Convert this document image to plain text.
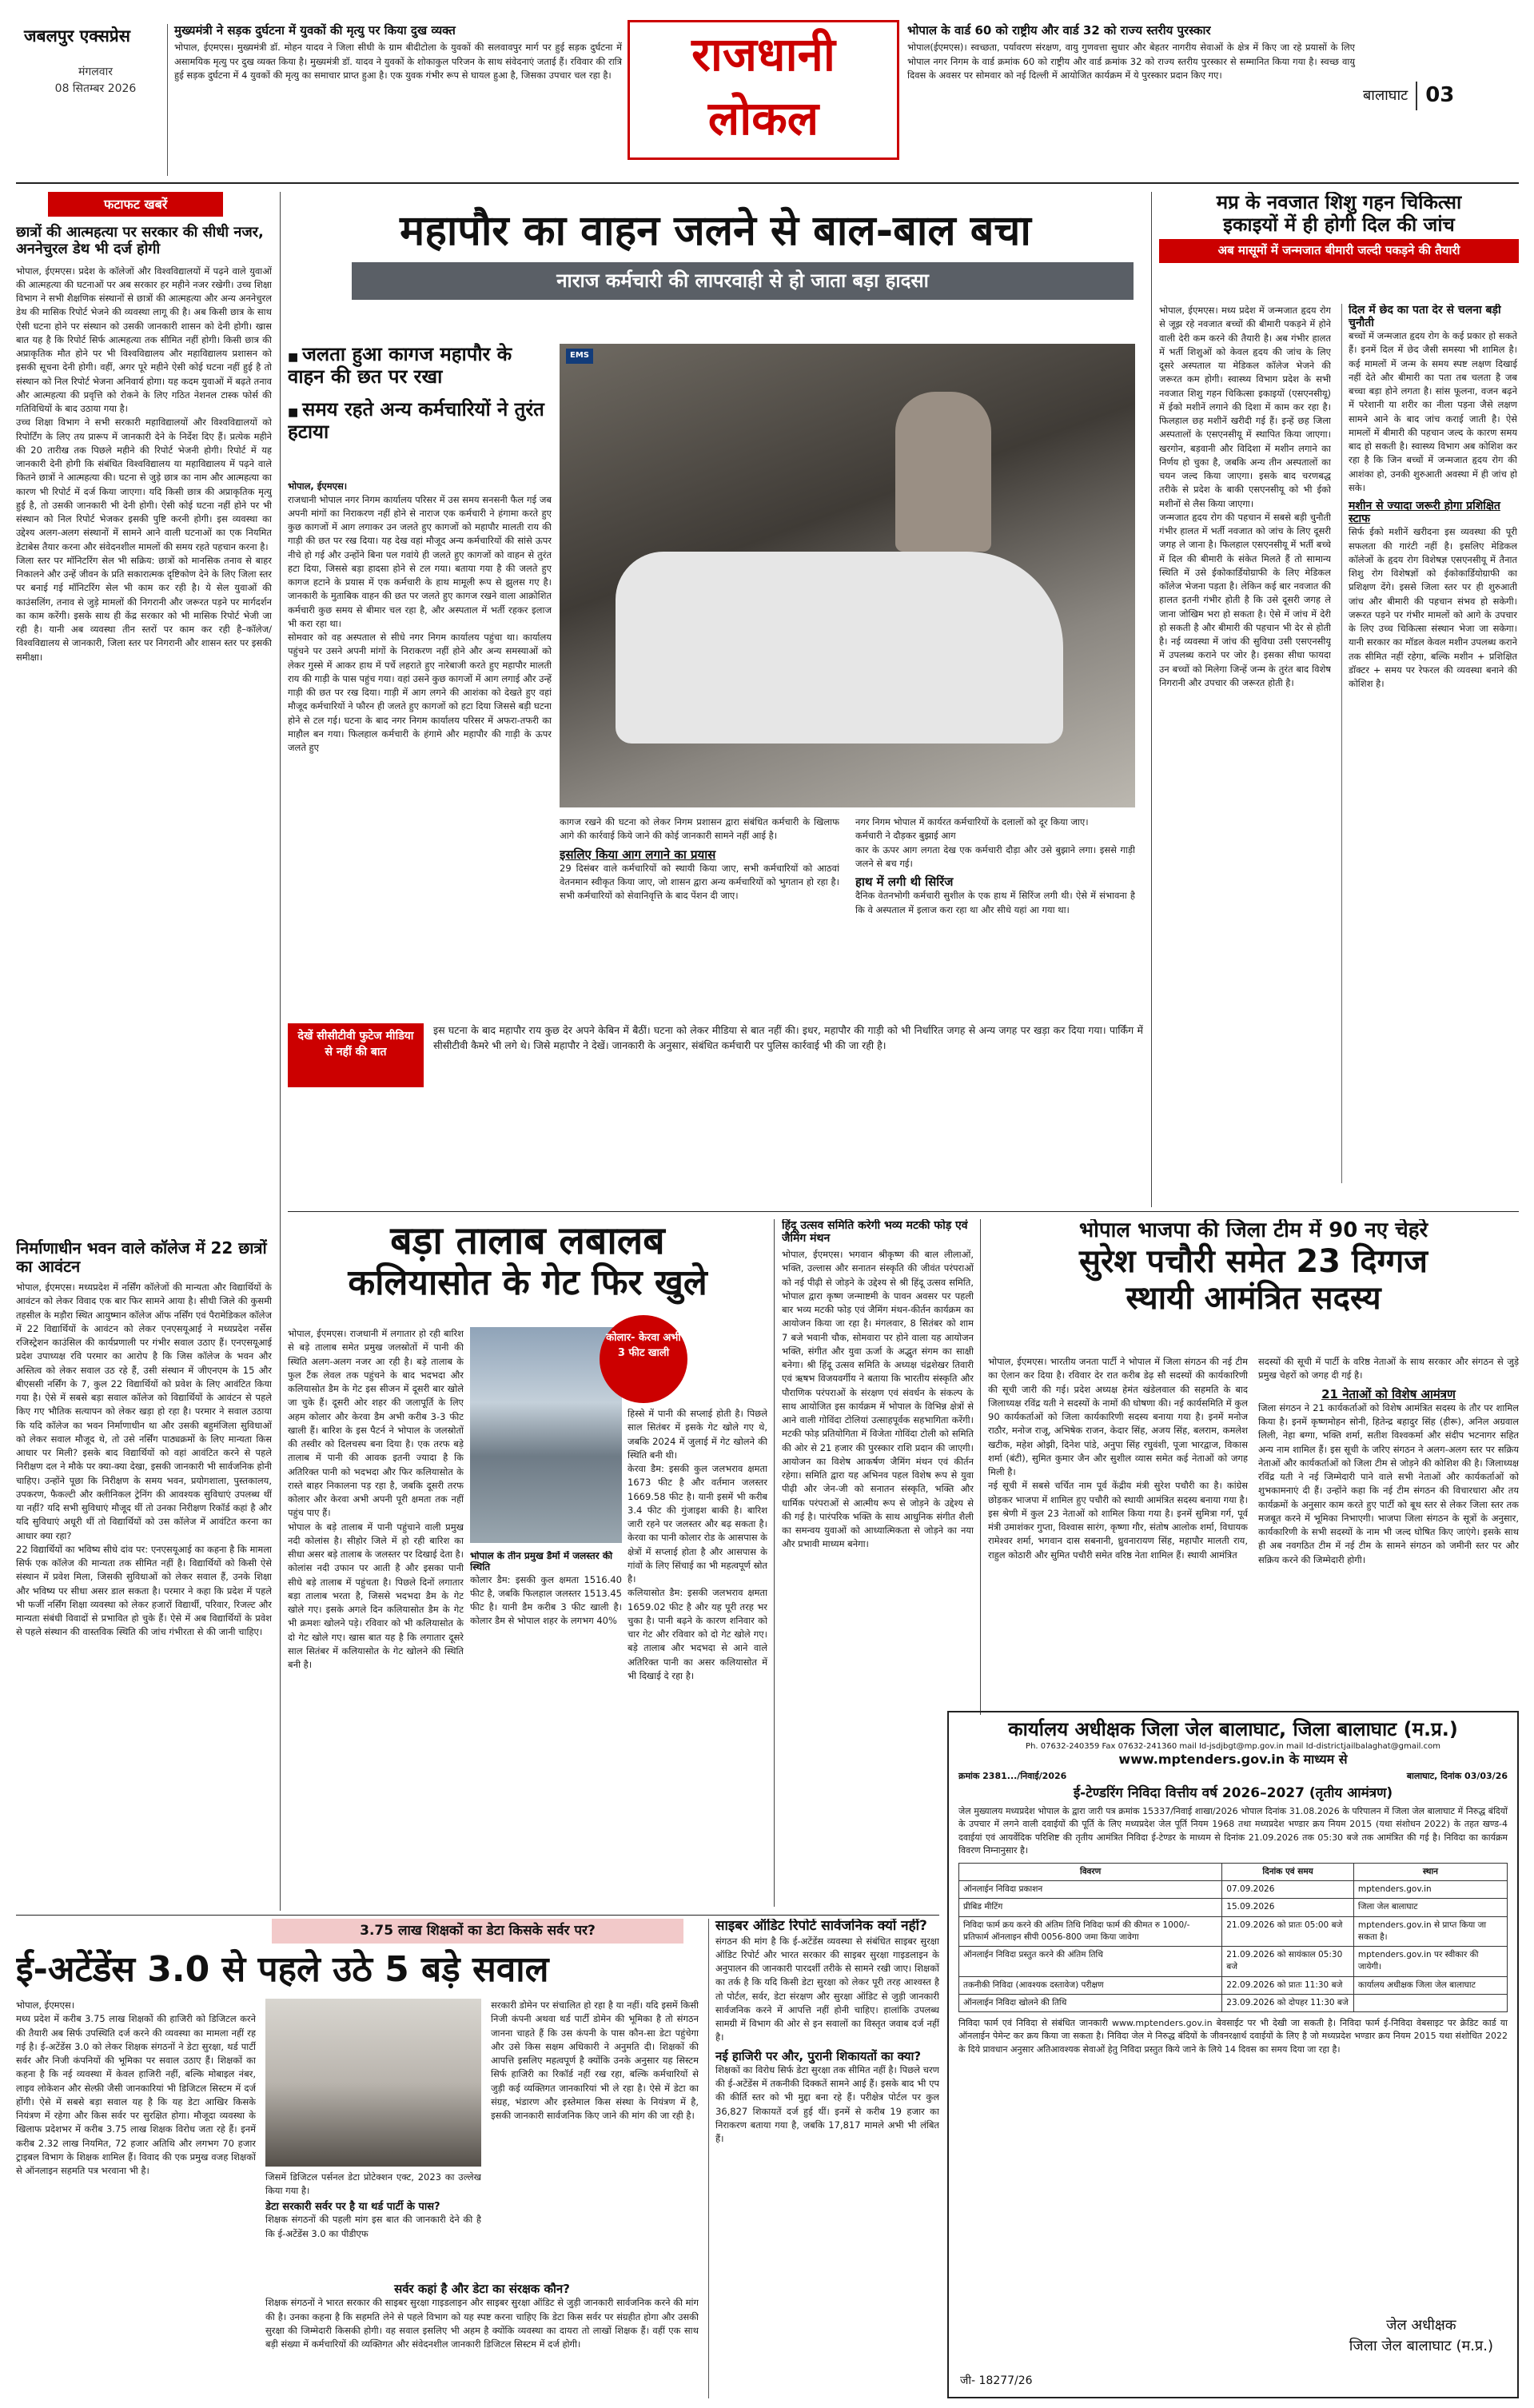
जबलपुर एक्सप्रेस
मंगलवार
08 सितम्बर 2026
मुख्यमंत्री ने सड़क दुर्घटना में युवकों की मृत्यु पर किया दुख व्यक्त
भोपाल, ईएमएस। मुख्यमंत्री डॉ. मोहन यादव ने जिला सीधी के ग्राम बीदीटोला के युवकों की सलवावपुर मार्ग पर हुई सड़क दुर्घटना में असामयिक मृत्यु पर दुख व्यक्त किया है। मुख्यमंत्री डॉ. यादव ने युवकों के शोकाकुल परिजन के साथ संवेदनाएं जताई हैं। रविवार की रात्रि हुई सड़क दुर्घटना में 4 युवकों की मृत्यु का समाचार प्राप्त हुआ है। एक युवक गंभीर रूप से घायल हुआ है, जिसका उपचार चल रहा है।	राजधानी
लोकल
भोपाल के वार्ड 60 को राष्ट्रीय और वार्ड 32 को राज्य स्तरीय पुरस्कार
भोपाल(ईएमएस)। स्वच्छता, पर्यावरण संरक्षण, वायु गुणवत्ता सुधार और बेहतर नागरीय सेवाओं के क्षेत्र में किए जा रहे प्रयासों के लिए भोपाल नगर निगम के वार्ड क्रमांक 60 को राष्ट्रीय और वार्ड क्रमांक 32 को राज्य स्तरीय पुरस्कार से सम्मानित किया गया है। स्वच्छ वायु दिवस के अवसर पर सोमवार को नई दिल्ली में आयोजित कार्यक्रम में ये पुरस्कार प्रदान किए गए।
बालाघाट 03
फटाफट खबरें
छात्रों की आत्महत्या पर सरकार की सीधी नजर, अननेचुरल डेथ भी दर्ज होगी
भोपाल, ईएमएस। प्रदेश के कॉलेजों और विश्वविद्यालयों में पढ़ने वाले युवाओं की आत्महत्या की घटनाओं पर अब सरकार हर महीने नजर रखेगी। उच्च शिक्षा विभाग ने सभी शैक्षणिक संस्थानों से छात्रों की आत्महत्या और अन्य अननेचुरल डेथ की मासिक रिपोर्ट भेजने की व्यवस्था लागू की है। अब किसी छात्र के साथ ऐसी घटना होने पर संस्थान को उसकी जानकारी शासन को देनी होगी। खास बात यह है कि रिपोर्ट सिर्फ आत्महत्या तक सीमित नहीं होगी। किसी छात्र की अप्राकृतिक मौत होने पर भी विश्वविद्यालय और महाविद्यालय प्रशासन को इसकी सूचना देनी होगी। वहीं, अगर पूरे महीने ऐसी कोई घटना नहीं हुई है तो संस्थान को निल रिपोर्ट भेजना अनिवार्य होगा। यह कदम युवाओं में बढ़ते तनाव और आत्महत्या की प्रवृत्ति को रोकने के लिए गठित नेशनल टास्क फोर्स की गतिविधियों के बाद उठाया गया है।
उच्च शिक्षा विभाग ने सभी सरकारी महाविद्यालयों और विश्वविद्यालयों को रिपोर्टिंग के लिए तय प्रारूप में जानकारी देने के निर्देश दिए हैं। प्रत्येक महीने की 20 तारीख तक पिछले महीने की रिपोर्ट भेजनी होगी। रिपोर्ट में यह जानकारी देनी होगी कि संबंधित विश्वविद्यालय या महाविद्यालय में पढ़ने वाले कितने छात्रों ने आत्महत्या की। घटना से जुड़े छात्र का नाम और आत्महत्या का कारण भी रिपोर्ट में दर्ज किया जाएगा। यदि किसी छात्र की अप्राकृतिक मृत्यु हुई है, तो उसकी जानकारी भी देनी होगी। ऐसी कोई घटना नहीं होने पर भी संस्थान को निल रिपोर्ट भेजकर इसकी पुष्टि करनी होगी। इस व्यवस्था का उद्देश्य अलग-अलग संस्थानों में सामने आने वाली घटनाओं का एक नियमित डेटाबेस तैयार करना और संवेदनशील मामलों की समय रहते पहचान करना है।
जिला स्तर पर मॉनिटरिंग सेल भी सक्रिय: छात्रों को मानसिक तनाव से बाहर निकालने और उन्हें जीवन के प्रति सकारात्मक दृष्टिकोण देने के लिए जिला स्तर पर बनाई गई मॉनिटरिंग सेल भी काम कर रही है। ये सेल युवाओं की काउंसलिंग, तनाव से जुड़े मामलों की निगरानी और जरूरत पड़ने पर मार्गदर्शन का काम करेंगी। इसके साथ ही केंद्र सरकार को भी मासिक रिपोर्ट भेजी जा रही है। यानी अब व्यवस्था तीन स्तरों पर काम कर रही है–कॉलेज/विश्वविद्यालय से जानकारी, जिला स्तर पर निगरानी और शासन स्तर पर इसकी समीक्षा।
महापौर का वाहन जलने से बाल-बाल बचा
नाराज कर्मचारी की लापरवाही से हो जाता बड़ा हादसा
■ जलता हुआ कागज महापौर के वाहन की छत पर रखा
■ समय रहते अन्य कर्मचारियों ने तुरंत हटाया
EMS
भोपाल, ईएमएस।
राजधानी भोपाल नगर निगम कार्यालय परिसर में उस समय सनसनी फैल गई जब अपनी मांगों का निराकरण नहीं होने से नाराज एक कर्मचारी ने हंगामा करते हुए कुछ कागजों में आग लगाकर उन जलते हुए कागजों को महापौर मालती राय की गाड़ी की छत पर रख दिया। यह देख वहां मौजूद अन्य कर्मचारियों की सांसे ऊपर नीचे हो गई और उन्होंने बिना पल गवांये ही जलते हुए कागजों को वाहन से तुरंत हटा दिया, जिससे बड़ा हादसा होने से टल गया। बताया गया है की जलते हुए कागज हटाने के प्रयास में एक कर्मचारी के हाथ मामूली रूप से झुलस गए है। जानकारी के मुताबिक वाहन की छत पर जलते हुए कागज रखने वाला आक्रोशित कर्मचारी कुछ समय से बीमार चल रहा है, और अस्पताल में भर्ती रहकर इलाज भी करा रहा था।
सोमवार को वह अस्पताल से सीधे नगर निगम कार्यालय पहुंचा था। कार्यालय पहुंचने पर उसने अपनी मांगों के निराकरण नहीं होने और अन्य समस्याओं को लेकर गुस्से में आकर हाथ में पर्चे लहराते हुए नारेबाजी करते हुए महापौर मालती राय की गाड़ी के पास पहुंच गया। वहां उसने कुछ कागजों में आग लगाई और उन्हें गाड़ी की छत पर रख दिया। गाड़ी में आग लगने की आशंका को देखते हुए वहां मौजूद कर्मचारियों ने फौरन ही जलते हुए कागजों को हटा दिया जिससे बड़ी घटना होने से टल गई। घटना के बाद नगर निगम कार्यालय परिसर में अफरा-तफरी का माहौल बन गया। फिलहाल कर्मचारी के हंगामे और महापौर की गाड़ी के ऊपर जलते हुए
कागज रखने की घटना को लेकर निगम प्रशासन द्वारा संबंधित कर्मचारी के खिलाफ आगे की कार्रवाई किये जाने की कोई जानकारी सामने नहीं आई है।
इसलिए किया आग लगाने का प्रयास
29 दिसंबर वाले कर्मचारियों को स्थायी किया जाए, सभी कर्मचारियों को आठवां वेतनमान स्वीकृत किया जाए, जो शासन द्वारा अन्य कर्मचारियों को भुगतान हो रहा है। सभी कर्मचारियों को सेवानिवृत्ति के बाद पेंशन दी जाए।
नगर निगम भोपाल में कार्यरत कर्मचारियों के दलालों को दूर किया जाए।
कर्मचारी ने दौड़कर बुझाई आग
कार के ऊपर आग लगता देख एक कर्मचारी दौड़ा और उसे बुझाने लगा। इससे गाड़ी जलने से बच गई।
हाथ में लगी थी सिरिंज
दैनिक वेतनभोगी कर्मचारी सुशील के एक हाथ में सिरिंज लगी थी। ऐसे में संभावना है कि वे अस्पताल में इलाज करा रहा था और सीधे यहां आ गया था।
देखें सीसीटीवी फुटेज मीडिया से नहीं की बात
इस घटना के बाद महापौर राय कुछ देर अपने केबिन में बैठीं। घटना को लेकर मीडिया से बात नहीं की। इधर, महापौर की गाड़ी को भी निर्धारित जगह से अन्य जगह पर खड़ा कर दिया गया। पार्किंग में सीसीटीवी कैमरे भी लगे थे। जिसे महापौर ने देखें। जानकारी के अनुसार, संबंधित कर्मचारी पर पुलिस कार्रवाई भी की जा रही है।
मप्र के नवजात शिशु गहन चिकित्सा
इकाइयों में ही होगी दिल की जांच
अब मासूमों में जन्मजात बीमारी जल्दी पकड़ने की तैयारी
भोपाल, ईएमएस। मध्य प्रदेश में जन्मजात हृदय रोग से जूझ रहे नवजात बच्चों की बीमारी पकड़ने में होने वाली देरी कम करने की तैयारी है। अब गंभीर हालत में भर्ती शिशुओं को केवल हृदय की जांच के लिए दूसरे अस्पताल या मेडिकल कॉलेज भेजने की जरूरत कम होगी। स्वास्थ्य विभाग प्रदेश के सभी नवजात शिशु गहन चिकित्सा इकाइयों (एसएनसीयू) में ईको मशीनें लगाने की दिशा में काम कर रहा है। फिलहाल छह मशीनें खरीदी गई हैं। इन्हें छह जिला अस्पतालों के एसएनसीयू में स्थापित किया जाएगा। खरगोन, बड़वानी और विदिशा में मशीन लगाने का निर्णय हो चुका है, जबकि अन्य तीन अस्पतालों का चयन जल्द किया जाएगा। इसके बाद चरणबद्ध तरीके से प्रदेश के बाकी एसएनसीयू को भी ईको मशीनों से लैस किया जाएगा।
जन्मजात हृदय रोग की पहचान में सबसे बड़ी चुनौती गंभीर हालत में भर्ती नवजात को जांच के लिए दूसरी जगह ले जाना है। फिलहाल एसएनसीयू में भर्ती बच्चे में दिल की बीमारी के संकेत मिलते हैं तो सामान्य स्थिति में उसे ईकोकार्डियोग्राफी के लिए मेडिकल कॉलेज भेजना पड़ता है। लेकिन कई बार नवजात की हालत इतनी गंभीर होती है कि उसे दूसरी जगह ले जाना जोखिम भरा हो सकता है। ऐसे में जांच में देरी हो सकती है और बीमारी की पहचान भी देर से होती है। नई व्यवस्था में जांच की सुविधा उसी एसएनसीयू में उपलब्ध कराने पर जोर है। इसका सीधा फायदा उन बच्चों को मिलेगा जिन्हें जन्म के तुरंत बाद विशेष निगरानी और उपचार की जरूरत होती है।
दिल में छेद का पता देर से चलना बड़ी चुनौती
बच्चों में जन्मजात हृदय रोग के कई प्रकार हो सकते हैं। इनमें दिल में छेद जैसी समस्या भी शामिल है। कई मामलों में जन्म के समय स्पष्ट लक्षण दिखाई नहीं देते और बीमारी का पता तब चलता है जब बच्चा बड़ा होने लगता है। सांस फूलना, वजन बढ़ने में परेशानी या शरीर का नीला पड़ना जैसे लक्षण सामने आने के बाद जांच कराई जाती है। ऐसे मामलों में बीमारी की पहचान जल्द के कारण समय बाद हो सकती है। स्वास्थ्य विभाग अब कोशिश कर रहा है कि जिन बच्चों में जन्मजात हृदय रोग की आशंका हो, उनकी शुरुआती अवस्था में ही जांच हो सके।
मशीन से ज्यादा जरूरी होगा प्रशिक्षित स्टाफ
सिर्फ ईको मशीनें खरीदना इस व्यवस्था की पूरी सफलता की गारंटी नहीं है। इसलिए मेडिकल कॉलेजों के हृदय रोग विशेषज्ञ एसएनसीयू में तैनात शिशु रोग विशेषज्ञों को ईकोकार्डियोग्राफी का प्रशिक्षण देंगे। इससे जिला स्तर पर ही शुरुआती जांच और बीमारी की पहचान संभव हो सकेगी। जरूरत पड़ने पर गंभीर मामलों को आगे के उपचार के लिए उच्च चिकित्सा संस्थान भेजा जा सकेगा। यानी सरकार का मॉडल केवल मशीन उपलब्ध कराने तक सीमित नहीं रहेगा, बल्कि मशीन + प्रशिक्षित डॉक्टर + समय पर रेफरल की व्यवस्था बनाने की कोशिश है।
निर्माणाधीन भवन वाले कॉलेज में 22 छात्रों का आवंटन
भोपाल, ईएमएस। मध्यप्रदेश में नर्सिंग कॉलेजों की मान्यता और विद्यार्थियों के आवंटन को लेकर विवाद एक बार फिर सामने आया है। सीधी जिले की कुसमी तहसील के मड़ौरा स्थित आयुष्मान कॉलेज ऑफ नर्सिंग एवं पैरामेडिकल कॉलेज में 22 विद्यार्थियों के आवंटन को लेकर एनएसयूआई ने मध्यप्रदेश नर्सेस रजिस्ट्रेशन काउंसिल की कार्यप्रणाली पर गंभीर सवाल उठाए हैं। एनएसयूआई प्रदेश उपाध्यक्ष रवि परमार का आरोप है कि जिस कॉलेज के भवन और अस्तित्व को लेकर सवाल उठ रहे हैं, उसी संस्थान में जीएनएम के 15 और बीएससी नर्सिंग के 7, कुल 22 विद्यार्थियों को प्रवेश के लिए आवंटित किया गया है। ऐसे में सबसे बड़ा सवाल कॉलेज को विद्यार्थियों के आवंटन से पहले किए गए भौतिक सत्यापन को लेकर खड़ा हो रहा है। परमार ने सवाल उठाया कि यदि कॉलेज का भवन निर्माणाधीन था और उसकी बहुमंजिला सुविधाओं को लेकर सवाल मौजूद थे, तो उसे नर्सिंग पाठ्यक्रमों के लिए मान्यता किस आधार पर मिली? इसके बाद विद्यार्थियों को वहां आवंटित करने से पहले निरीक्षण दल ने मौके पर क्या-क्या देखा, इसकी जानकारी भी सार्वजनिक होनी चाहिए। उन्होंने पूछा कि निरीक्षण के समय भवन, प्रयोगशाला, पुस्तकालय, उपकरण, फैकल्टी और क्लीनिकल ट्रेनिंग की आवश्यक सुविधाएं उपलब्ध थीं या नहीं? यदि सभी सुविधाएं मौजूद थीं तो उनका निरीक्षण रिकॉर्ड कहां है और यदि सुविधाएं अधूरी थीं तो विद्यार्थियों को उस कॉलेज में आवंटित करना का आधार क्या रहा?
22 विद्यार्थियों का भविष्य सीधे दांव पर: एनएसयूआई का कहना है कि मामला सिर्फ एक कॉलेज की मान्यता तक सीमित नहीं है। विद्यार्थियों को किसी ऐसे संस्थान में प्रवेश मिला, जिसकी सुविधाओं को लेकर सवाल हैं, उनके शिक्षा और भविष्य पर सीधा असर डाल सकता है। परमार ने कहा कि प्रदेश में पहले भी फर्जी नर्सिंग शिक्षा व्यवस्था को लेकर हजारों विद्यार्थी, परिवार, रिजल्ट और मान्यता संबंधी विवादों से प्रभावित हो चुके हैं। ऐसे में अब विद्यार्थियों के प्रवेश से पहले संस्थान की वास्तविक स्थिति की जांच गंभीरता से की जानी चाहिए।
बड़ा तालाब लबालब
कलियासोत के गेट फिर खुले
कोलार- केरवा अभी 3 फीट खाली
भोपाल, ईएमएस। राजधानी में लगातार हो रही बारिश से बड़े तालाब समेत प्रमुख जलस्रोतों में पानी की स्थिति अलग-अलग नजर आ रही है। बड़े तालाब के फुल टैंक लेवल तक पहुंचने के बाद भदभदा और कलियासोत डैम के गेट इस सीजन में दूसरी बार खोले जा चुके हैं। दूसरी ओर शहर की जलापूर्ति के लिए अहम कोलार और केरवा डैम अभी करीब 3-3 फीट खाली हैं। बारिश के इस पैटर्न ने भोपाल के जलस्रोतों की तस्वीर को दिलचस्प बना दिया है। एक तरफ बड़े तालाब में पानी की आवक इतनी ज्यादा है कि अतिरिक्त पानी को भदभदा और फिर कलियासोत के रास्ते बाहर निकालना पड़ रहा है, जबकि दूसरी तरफ कोलार और केरवा अभी अपनी पूरी क्षमता तक नहीं पहुंच पाए हैं।
भोपाल के बड़े तालाब में पानी पहुंचाने वाली प्रमुख नदी कोलांस है। सीहोर जिले में हो रही बारिश का सीधा असर बड़े तालाब के जलस्तर पर दिखाई देता है। कोलांस नदी उफान पर आती है और इसका पानी सीधे बड़े तालाब में पहुंचता है। पिछले दिनों लगातार बड़ा तालाब भरता है, जिससे भदभदा डैम के गेट खोले गए। इसके अगले दिन कलियासोत डैम के गेट भी क्रमशः खोलने पड़े। रविवार को भी कलियासोत के दो गेट खोले गए। खास बात यह है कि लगातार दूसरे साल सितंबर में कलियासोत के गेट खोलने की स्थिति बनी है।
भोपाल के तीन प्रमुख डैमों में जलस्तर की स्थिति
कोलार डैम: इसकी कुल क्षमता 1516.40 फीट है, जबकि फिलहाल जलस्तर 1513.45 फीट है। यानी डैम करीब 3 फीट खाली है। कोलार डैम से भोपाल शहर के लगभग 40%
हिस्से में पानी की सप्लाई होती है। पिछले साल सितंबर में इसके गेट खोले गए थे, जबकि 2024 में जुलाई में गेट खोलने की स्थिति बनी थी।
केरवा डैम: इसकी कुल जलभराव क्षमता 1673 फीट है और वर्तमान जलस्तर 1669.58 फीट है। यानी इसमें भी करीब 3.4 फीट की गुंजाइश बाकी है। बारिश जारी रहने पर जलस्तर और बढ़ सकता है। केरवा का पानी कोलार रोड के आसपास के क्षेत्रों में सप्लाई होता है और आसपास के गांवों के लिए सिंचाई का भी महत्वपूर्ण स्रोत है।
कलियासोत डैम: इसकी जलभराव क्षमता 1659.02 फीट है और यह पूरी तरह भर चुका है। पानी बढ़ने के कारण शनिवार को चार गेट और रविवार को दो गेट खोले गए। बड़े तालाब और भदभदा से आने वाले अतिरिक्त पानी का असर कलियासोत में भी दिखाई दे रहा है।
हिंदू उत्सव समिति करेगी भव्य मटकी फोड़ एवं जैमिंग मंथन
भोपाल, ईएमएस। भगवान श्रीकृष्ण की बाल लीलाओं, भक्ति, उल्लास और सनातन संस्कृति की जीवंत परंपराओं को नई पीढ़ी से जोड़ने के उद्देश्य से श्री हिंदू उत्सव समिति, भोपाल द्वारा कृष्ण जन्माष्टमी के पावन अवसर पर पहली बार भव्य मटकी फोड़ एवं जैमिंग मंथन-कीर्तन कार्यक्रम का आयोजन किया जा रहा है। मंगलवार, 8 सितंबर को शाम 7 बजे भवानी चौक, सोमवारा पर होने वाला यह आयोजन भक्ति, संगीत और युवा ऊर्जा के अद्भुत संगम का साक्षी बनेगा। श्री हिंदू उत्सव समिति के अध्यक्ष चंद्रशेखर तिवारी एवं ऋषभ विजयवर्गीय ने बताया कि भारतीय संस्कृति और पौराणिक परंपराओं के संरक्षण एवं संवर्धन के संकल्प के साथ आयोजित इस कार्यक्रम में भोपाल के विभिन्न क्षेत्रों से आने वाली गोविंदा टोलियां उत्साहपूर्वक सहभागिता करेंगी। मटकी फोड़ प्रतियोगिता में विजेता गोविंदा टोली को समिति की ओर से 21 हजार की पुरस्कार राशि प्रदान की जाएगी। आयोजन का विशेष आकर्षण जैमिंग मंथन एवं कीर्तन रहेगा। समिति द्वारा यह अभिनव पहल विशेष रूप से युवा पीढ़ी और जेन-जी को सनातन संस्कृति, भक्ति और धार्मिक परंपराओं से आत्मीय रूप से जोड़ने के उद्देश्य से की गई है। पारंपरिक भक्ति के साथ आधुनिक संगीत शैली का समन्वय युवाओं को आध्यात्मिकता से जोड़ने का नया और प्रभावी माध्यम बनेगा।
भोपाल भाजपा की जिला टीम में 90 नए चेहरे
सुरेश पचौरी समेत 23 दिग्गज
स्थायी आमंत्रित सदस्य
भोपाल, ईएमएस। भारतीय जनता पार्टी ने भोपाल में जिला संगठन की नई टीम का ऐलान कर दिया है। रविवार देर रात करीब डेढ़ सौ सदस्यों की कार्यकारिणी की सूची जारी की गई। प्रदेश अध्यक्ष हेमंत खंडेलवाल की सहमति के बाद जिलाध्यक्ष रविंद्र यती ने सदस्यों के नामों की घोषणा की। नई कार्यसमिति में कुल 90 कार्यकर्ताओं को जिला कार्यकारिणी सदस्य बनाया गया है। इनमें मनोज राठौर, मनोज राजू, अभिषेक राजन, केदार सिंह, अजय सिंह, बलराम, कमलेश खटीक, महेश ओझी, दिनेश पांडे, अनुपा सिंह रघुवंशी, पूजा भारद्वाज, विकास शर्मा (बंटी), सुमित कुमार जैन और सुशील व्यास समेत कई नेताओं को जगह मिली है।
नई सूची में सबसे चर्चित नाम पूर्व केंद्रीय मंत्री सुरेश पचौरी का है। कांग्रेस छोड़कर भाजपा में शामिल हुए पचौरी को स्थायी आमंत्रित सदस्य बनाया गया है। इस श्रेणी में कुल 23 नेताओं को शामिल किया गया है। इनमें सुमित्रा गर्ग, पूर्व मंत्री उमाशंकर गुप्ता, विश्वास सारंग, कृष्णा गौर, संतोष आलोक शर्मा, विधायक रामेश्वर शर्मा, भगवान दास सबनानी, ध्रुवनारायण सिंह, महापौर मालती राय, राहुल कोठारी और सुमित पचौरी समेत वरिष्ठ नेता शामिल हैं। स्थायी आमंत्रित
सदस्यों की सूची में पार्टी के वरिष्ठ नेताओं के साथ सरकार और संगठन से जुड़े प्रमुख चेहरों को जगह दी गई है।
21 नेताओं को विशेष आमंत्रण
जिला संगठन ने 21 कार्यकर्ताओं को विशेष आमंत्रित सदस्य के तौर पर शामिल किया है। इनमें कृष्णमोहन सोनी, हितेन्द्र बहादुर सिंह (हीरू), अनिल अग्रवाल लिली, नेहा बग्गा, भक्ति शर्मा, सतीश विश्वकर्मा और संदीप भटनागर सहित अन्य नाम शामिल हैं। इस सूची के जरिए संगठन ने अलग-अलग स्तर पर सक्रिय नेताओं और कार्यकर्ताओं को जिला टीम से जोड़ने की कोशिश की है। जिलाध्यक्ष रविंद्र यती ने नई जिम्मेदारी पाने वाले सभी नेताओं और कार्यकर्ताओं को शुभकामनाएं दी हैं। उन्होंने कहा कि नई टीम संगठन की विचारधारा और तय कार्यक्रमों के अनुसार काम करते हुए पार्टी को बूथ स्तर से लेकर जिला स्तर तक मजबूत करने में भूमिका निभाएगी। भाजपा जिला संगठन के सूत्रों के अनुसार, कार्यकारिणी के सभी सदस्यों के नाम भी जल्द घोषित किए जाएंगे। इसके साथ ही अब नवगठित टीम में नई टीम के सामने संगठन को जमीनी स्तर पर और सक्रिय करने की जिम्मेदारी होगी।
कार्यालय अधीक्षक जिला जेल बालाघाट, जिला बालाघाट (म.प्र.)
Ph. 07632-240359 Fax 07632-241360 mail Id-jsdjbgt@mp.gov.in mail Id-districtjailbalaghat@gmail.com
www.mptenders.gov.in के माध्यम से
क्रमांक 2381.../निवाई/2026	बालाघाट, दिनांक 03/03/26
ई-टेण्डरिंग निविदा वित्तीय वर्ष 2026–2027 (तृतीय आमंत्रण)
जेल मुख्यालय मध्यप्रदेश भोपाल के द्वारा जारी पत्र क्रमांक 15337/निवाई शाखा/2026 भोपाल दिनांक 31.08.2026 के परिपालन में जिला जेल बालाघाट में निरुद्ध बंदियों के उपचार में लगने वाली दवाईयों की पूर्ति के लिए मध्यप्रदेश जेल पूर्ति नियम 1968 तथा मध्यप्रदेश भण्डार क्रय नियम 2015 (यथा संशोधन 2022) के तहत खण्ड-4 दवाईयां एवं आयर्वेदिक परिशिष्ट की तृतीय आमंत्रित निविदा ई-टेण्डर के माध्यम से दिनांक 21.09.2026 तक 05:30 बजे तक आमंत्रित की गई है। निविदा का कार्यक्रम विवरण निम्नानुसार है।
विवरण	दिनांक एवं समय	स्थान
ऑनलाईन निविदा प्रकाशन	07.09.2026	mptenders.gov.in
प्रीबिड मीटिंग	15.09.2026	जिला जेल बालाघाट
निविदा फार्म क्रय करने की अंतिम तिथि निविदा फार्म की कीमत रु 1000/- प्रतिफार्म ऑनलाइन सीपी 0056-800 जमा किया जावेगा	21.09.2026 को प्रातः 05:00 बजे	mptenders.gov.in से प्राप्त किया जा सकता है।
ऑनलाईन निविदा प्रस्तुत करने की अंतिम तिथि	21.09.2026 को सायंकाल 05:30 बजे	mptenders.gov.in पर स्वीकार की जायेगी।
तकनीकी निविदा (आवश्यक दस्तावेज) परीक्षण	22.09.2026 को प्रातः 11:30 बजे	कार्यालय अधीक्षक जिला जेल बालाघाट
ऑनलाईन निविदा खोलने की तिथि	23.09.2026 को दोपहर 11:30 बजे	
निविदा फार्म एवं निविदा से संबंधित जानकारी www.mptenders.gov.in बेवसाईट पर भी देखी जा सकती है। निविदा फार्म ई-निविदा वेबसाइट पर क्रेडिट कार्ड या ऑनलाईन पेमेन्ट कर क्रय किया जा सकता है। निविदा जेल मे निरुद्ध बंदियों के जीवनरक्षार्थ दवाईयों के लिए है जो मध्यप्रदेश भण्डार क्रय नियम 2015 यथा संशोधित 2022 के दिये प्रावधान अनुसार अतिआवश्यक सेवाओं हेतु निविदा प्रस्तुत किये जाने के लिये 14 दिवस का समय दिया जा रहा है।
जेल अधीक्षक
जिला जेल बालाघाट (म.प्र.)
जी- 18277/26
3.75 लाख शिक्षकों का डेटा किसके सर्वर पर?
ई-अटेंडेंस 3.0 से पहले उठे 5 बड़े सवाल
भोपाल, ईएमएस।
मध्य प्रदेश में करीब 3.75 लाख शिक्षकों की हाजिरी को डिजिटल करने की तैयारी अब सिर्फ उपस्थिति दर्ज करने की व्यवस्था का मामला नहीं रह गई है। ई-अटेंडेंस 3.0 को लेकर शिक्षक संगठनों ने डेटा सुरक्षा, थर्ड पार्टी सर्वर और निजी कंपनियों की भूमिका पर सवाल उठाए हैं। शिक्षकों का कहना है कि नई व्यवस्था में केवल हाजिरी नहीं, बल्कि मोबाइल नंबर, लाइव लोकेशन और सेल्फ़ी जैसी जानकारियां भी डिजिटल सिस्टम में दर्ज होंगी। ऐसे में सबसे बड़ा सवाल यह है कि यह डेटा आखिर किसके नियंत्रण में रहेगा और किस सर्वर पर सुरक्षित होगा। मौजूदा व्यवस्था के खिलाफ प्रदेशभर में करीब 3.75 लाख शिक्षक विरोध जता रहे हैं। इनमें करीब 2.32 लाख नियमित, 72 हजार अतिथि और लगभग 70 हजार ट्राइबल विभाग के शिक्षक शामिल हैं। विवाद की एक प्रमुख वजह शिक्षकों से ऑनलाइन सहमति पत्र भरवाना भी है।
जिसमें डिजिटल पर्सनल डेटा प्रोटेक्शन एक्ट, 2023 का उल्लेख किया गया है।
डेटा सरकारी सर्वर पर है या थर्ड पार्टी के पास?
शिक्षक संगठनों की पहली मांग इस बात की जानकारी देने की है कि ई-अटेंडेंस 3.0 का पीडीएफ
सरकारी डोमेन पर संचालित हो रहा है या नहीं। यदि इसमें किसी निजी कंपनी अथवा थर्ड पार्टी डोमेन की भूमिका है तो संगठन जानना चाहते हैं कि उस कंपनी के पास कौन-सा डेटा पहुंचेगा और उसे किस सक्षम अधिकारी ने अनुमति दी। शिक्षकों की आपत्ति इसलिए महत्वपूर्ण है क्योंकि उनके अनुसार यह सिस्टम सिर्फ हाजिरी का रिकॉर्ड नहीं रख रहा, बल्कि कर्मचारियों से जुड़ी कई व्यक्तिगत जानकारियां भी ले रहा है। ऐसे में डेटा का संग्रह, भंडारण और इस्तेमाल किस संस्था के नियंत्रण में है, इसकी जानकारी सार्वजनिक किए जाने की मांग की जा रही है।
सर्वर कहां है और डेटा का संरक्षक कौन?
शिक्षक संगठनों ने भारत सरकार की साइबर सुरक्षा गाइडलाइन और साइबर सुरक्षा ऑडिट से जुड़ी जानकारी सार्वजनिक करने की मांग की है। उनका कहना है कि सहमति लेने से पहले विभाग को यह स्पष्ट करना चाहिए कि डेटा किस सर्वर पर संग्रहीत होगा और उसकी सुरक्षा की जिम्मेदारी किसकी होगी। वह सवाल इसलिए भी अहम है क्योंकि व्यवस्था का दायरा तो लाखों शिक्षक हैं। वहीं एक साथ बड़ी संख्या में कर्मचारियों की व्यक्तिगत और संवेदनशील जानकारी डिजिटल सिस्टम में दर्ज होगी।
साइबर ऑडिट रिपोर्ट सार्वजनिक क्यों नहीं?
संगठन की मांग है कि ई-अटेंडेंस व्यवस्था से संबंधित साइबर सुरक्षा ऑडिट रिपोर्ट और भारत सरकार की साइबर सुरक्षा गाइडलाइन के अनुपालन की जानकारी पारदर्शी तरीके से सामने रखी जाए। शिक्षकों का तर्क है कि यदि किसी डेटा सुरक्षा को लेकर पूरी तरह आश्वस्त है तो पोर्टल, सर्वर, डेटा संरक्षण और सुरक्षा ऑडिट से जुड़ी जानकारी सार्वजनिक करने में आपत्ति नहीं होनी चाहिए। हालांकि उपलब्ध सामग्री में विभाग की ओर से इन सवालों का विस्तृत जवाब दर्ज नहीं है।
नई हाजिरी पर और, पुरानी शिकायतों का क्या?
शिक्षकों का विरोध सिर्फ डेटा सुरक्षा तक सीमित नहीं है। पिछले चरण की ई-अटेंडेंस में तकनीकी दिक्कतें सामने आई हैं। इसके बाद भी एप की कीर्ति स्तर को भी मुद्दा बना रहे हैं। परीक्षेत्र पोर्टल पर कुल 36,827 शिकायतें दर्ज हुई थीं। इनमें से करीब 19 हजार का निराकरण बताया गया है, जबकि 17,817 मामले अभी भी लंबित हैं।
